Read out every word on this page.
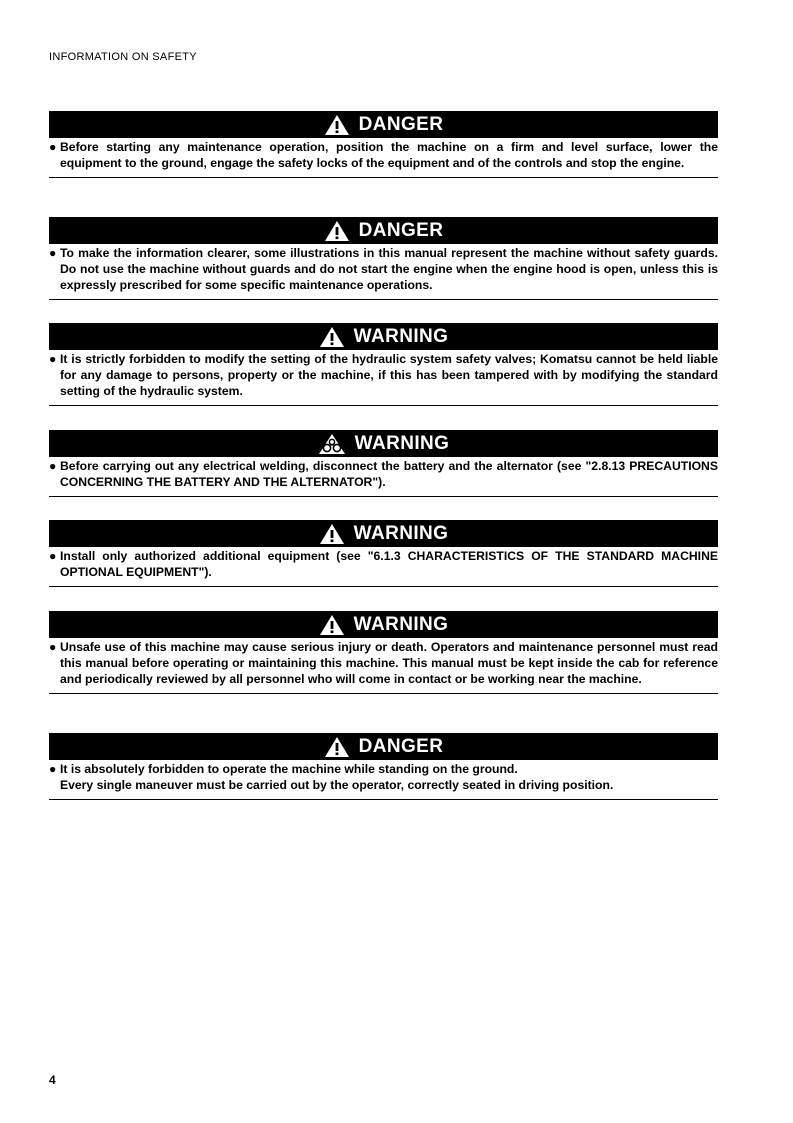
INFORMATION ON SAFETY
DANGER
● Before starting any maintenance operation, position the machine on a firm and level surface, lower the equipment to the ground, engage the safety locks of the equipment and of the controls and stop the engine.

DANGER
● To make the information clearer, some illustrations in this manual represent the machine without safety guards. Do not use the machine without guards and do not start the engine when the engine hood is open, unless this is expressly prescribed for some specific maintenance operations.

WARNING
● It is strictly forbidden to modify the setting of the hydraulic system safety valves; Komatsu cannot be held liable for any damage to persons, property or the machine, if this has been tampered with by modifying the standard setting of the hydraulic system.

WARNING
● Before carrying out any electrical welding, disconnect the battery and the alternator (see "2.8.13 PRECAUTIONS CONCERNING THE BATTERY AND THE ALTERNATOR").

WARNING
● Install only authorized additional equipment (see "6.1.3 CHARACTERISTICS OF THE STANDARD MACHINE OPTIONAL EQUIPMENT").

WARNING
● Unsafe use of this machine may cause serious injury or death. Operators and maintenance personnel must read this manual before operating or maintaining this machine. This manual must be kept inside the cab for reference and periodically reviewed by all personnel who will come in contact or be working near the machine.

DANGER
● It is absolutely forbidden to operate the machine while standing on the ground.

Every single maneuver must be carried out by the operator, correctly seated in driving position.

4
